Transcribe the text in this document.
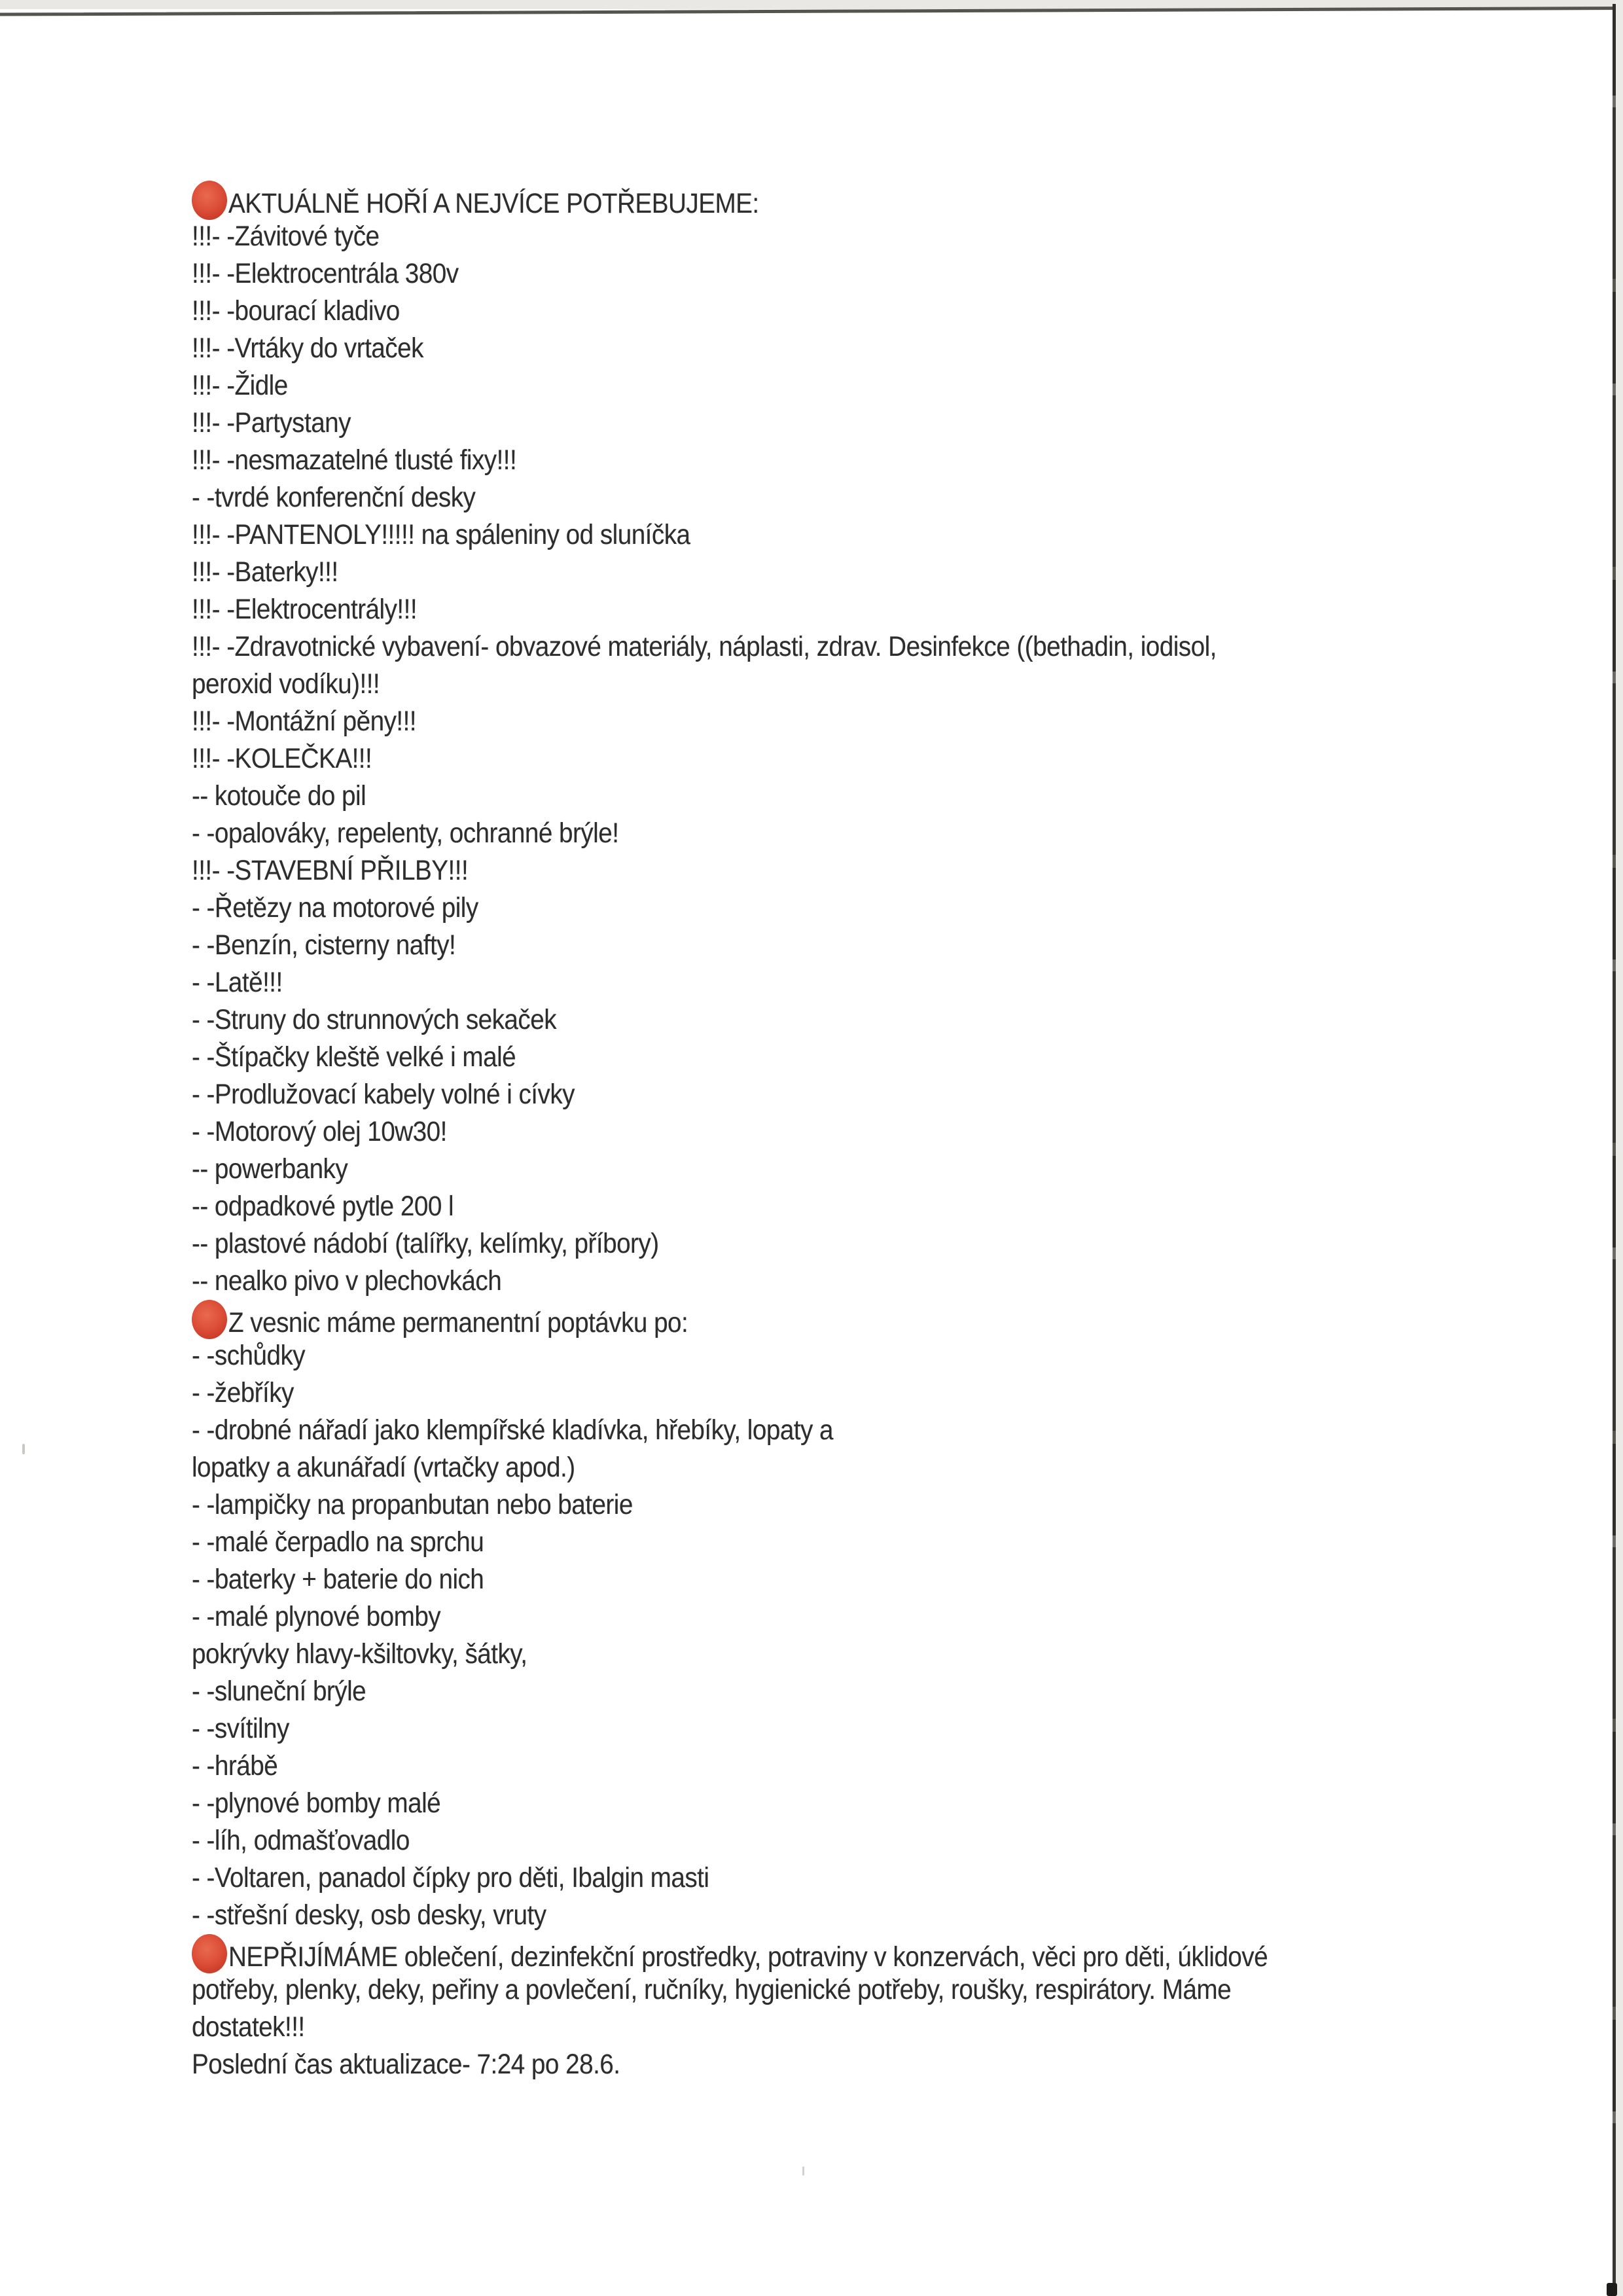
AKTUÁLNĚ HOŘÍ A NEJVÍCE POTŘEBUJEME:
!!!- -Závitové tyče
!!!- -Elektrocentrála 380v
!!!- -bourací kladivo
!!!- -Vrtáky do vrtaček
!!!- -Židle
!!!- -Partystany
!!!- -nesmazatelné tlusté fixy!!!
- -tvrdé konferenční desky
!!!- -PANTENOLY!!!!! na spáleniny od sluníčka
!!!- -Baterky!!!
!!!- -Elektrocentrály!!!
!!!- -Zdravotnické vybavení- obvazové materiály, náplasti, zdrav. Desinfekce ((bethadin, iodisol,
peroxid vodíku)!!!
!!!- -Montážní pěny!!!
!!!- -KOLEČKA!!!
-- kotouče do pil
- -opalováky, repelenty, ochranné brýle!
!!!- -STAVEBNÍ PŘILBY!!!
- -Řetězy na motorové pily
- -Benzín, cisterny nafty!
- -Latě!!!
- -Struny do strunnových sekaček
- -Štípačky kleště velké i malé
- -Prodlužovací kabely volné i cívky
- -Motorový olej 10w30!
-- powerbanky
-- odpadkové pytle 200 l
-- plastové nádobí (talířky, kelímky, příbory)
-- nealko pivo v plechovkách
Z vesnic máme permanentní poptávku po:
- -schůdky
- -žebříky
- -drobné nářadí jako klempířské kladívka, hřebíky, lopaty a
lopatky a akunářadí (vrtačky apod.)
- -lampičky na propanbutan nebo baterie
- -malé čerpadlo na sprchu
- -baterky + baterie do nich
- -malé plynové bomby
pokrývky hlavy-kšiltovky, šátky,
- -sluneční brýle
- -svítilny
- -hrábě
- -plynové bomby malé
- -líh, odmašťovadlo
- -Voltaren, panadol čípky pro děti, Ibalgin masti
- -střešní desky, osb desky, vruty
NEPŘIJÍMÁME oblečení, dezinfekční prostředky, potraviny v konzervách, věci pro děti, úklidové
potřeby, plenky, deky, peřiny a povlečení, ručníky, hygienické potřeby, roušky, respirátory. Máme
dostatek!!!
Poslední čas aktualizace- 7:24 po 28.6.
